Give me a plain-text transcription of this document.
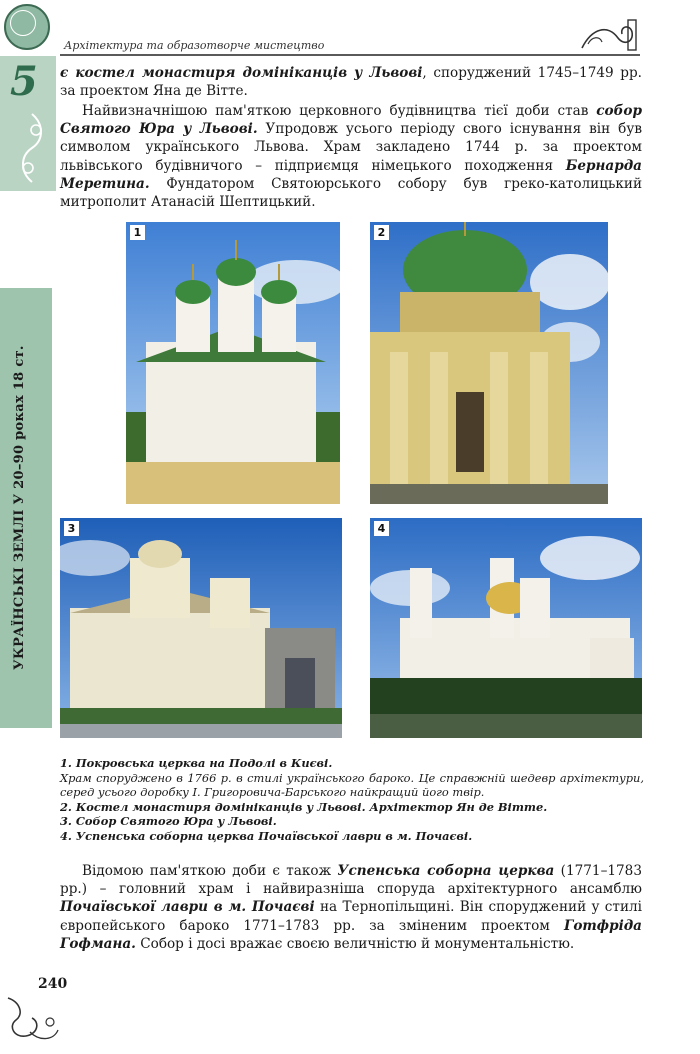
Архітектура та образотворче мистецтво
5
УКРАЇНСЬКІ ЗЕМЛІ У 20–90 роках 18 ст.
є костел монастиря домініканців у Львові, споруджений 1745–1749 рр. за проектом Яна де Вітте.
Найвизначнішою пам'яткою церковного будівництва тієї доби став собор Святого Юра у Львові. Упродовж усього періоду свого існування він був символом українського Львова. Храм закладено 1744 р. за проектом львівського будівничого – підприємця німецького походження Бернарда Меретина. Фундатором Святоюрського собору був греко-католицький митрополит Атанасій Шептицький.
1	2
3	4
1. Покровська церква на Подолі в Києві.
Храм споруджено в 1766 р. в стилі українського бароко. Це справжній шедевр архітектури, серед усього доробку І. Григоровича-Барського найкращий його твір.
2. Костел монастиря домініканців у Львові. Архітектор Ян де Вітте.
3. Собор Святого Юра у Львові.
4. Успенська соборна церква Почаївської лаври в м. Почаєві.
Відомою пам'яткою доби є також Успенська соборна церква (1771–1783 рр.) – головний храм і найвиразніша споруда архітектурного ансамблю Почаївської лаври в м. Почаєві на Тернопільщині. Він споруджений у стилі європейського бароко 1771–1783 рр. за зміненим проектом Готфріда Гофмана. Собор і досі вражає своєю величністю й монументальністю.
240
